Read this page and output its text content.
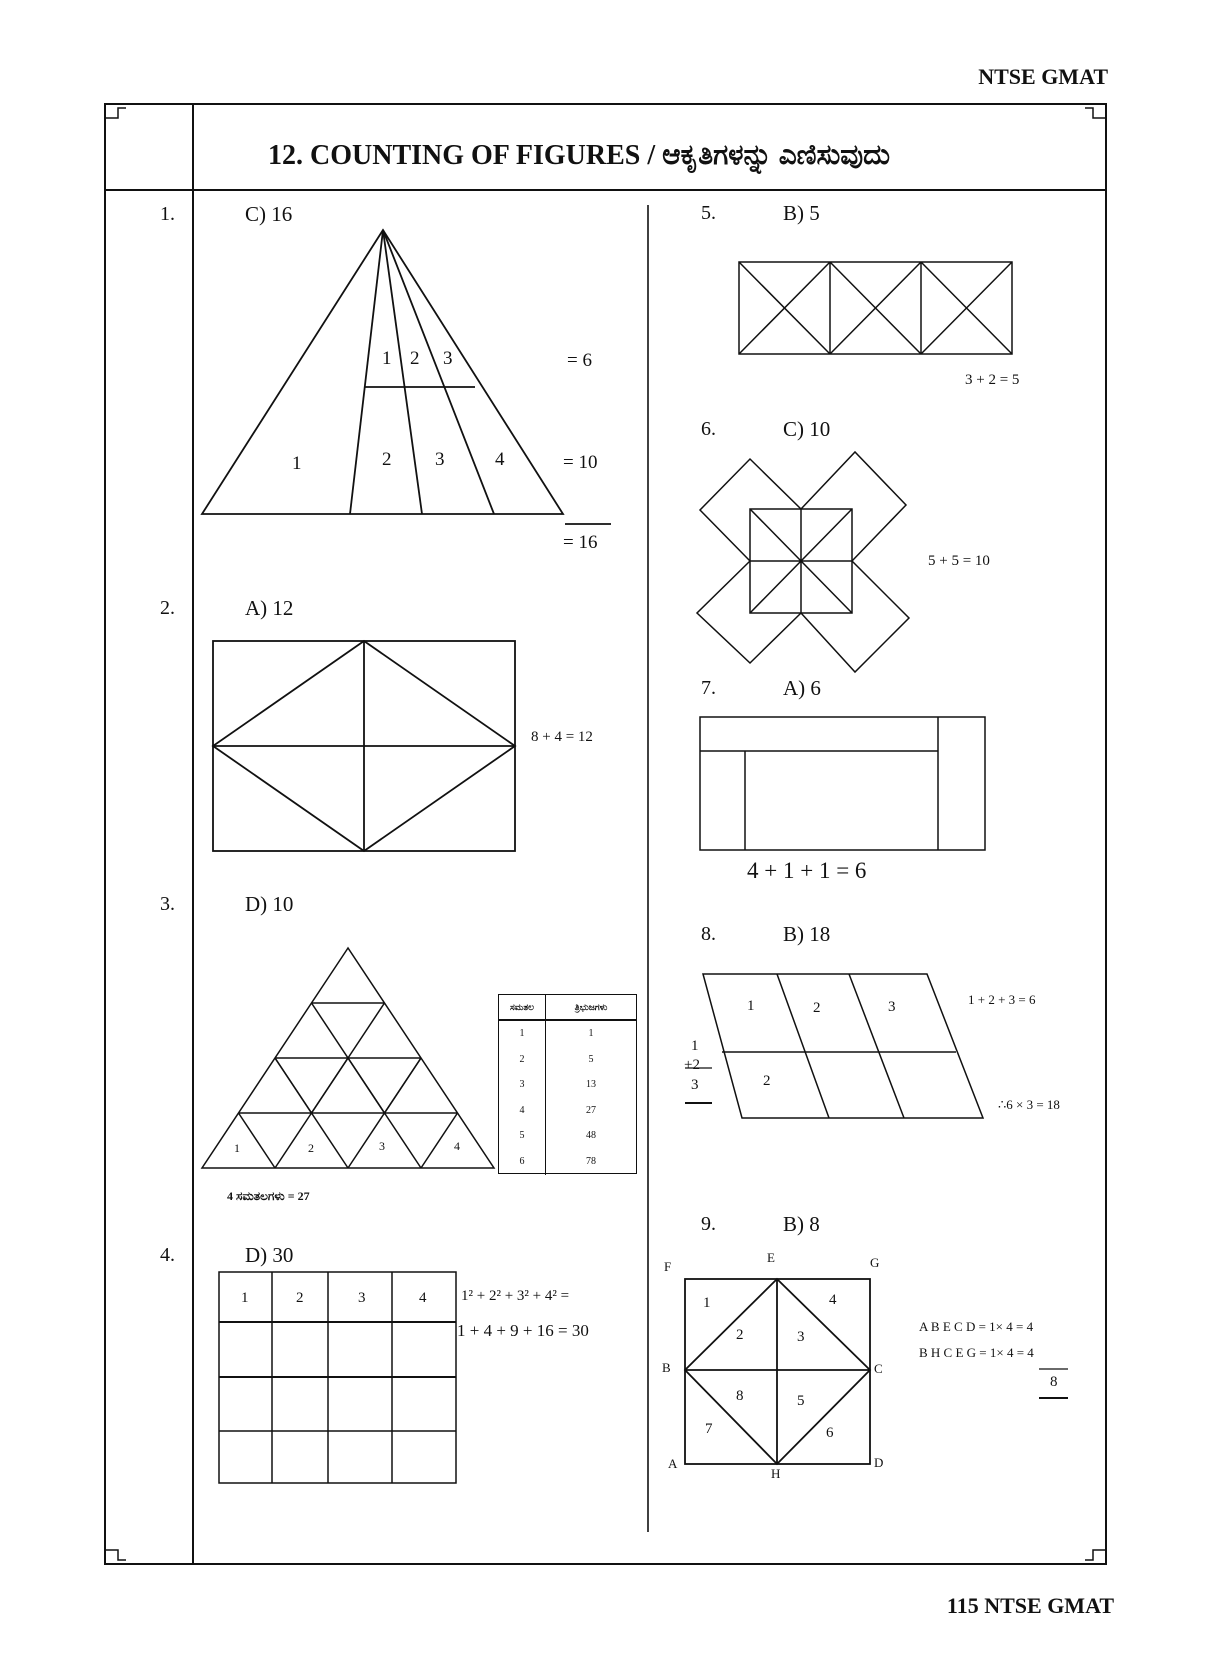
NTSE GMAT
115 NTSE GMAT
12. COUNTING OF FIGURES / ಆಕೃತಿಗಳನ್ನು ಎಣಿಸುವುದು
1.	C) 16
1 2 3
1	2 3	4
= 6
= 10
= 16
2.	A) 12
8 + 4 = 12
3.	D) 10
1	2	3	4
4 ಸಮತಲಗಳು = 27
ಸಮತಲ	ತ್ರಿಭುಜಗಳು
1	1
2	5
3	13
4	27
5	48
6	78
4.	D) 30
1	2	3	4 1² + 2² + 3² + 4² =
1 + 4 + 9 + 16 = 30
5.	B) 5
3 + 2 = 5
6.	C) 10
5 + 5 = 10
7.	A) 6
4 + 1 + 1 = 6
8.	B) 18
1	2	3
2
1 + 2 + 3 = 6
1
+2
3
∴6 × 3 = 18
9.	B) 8
F
E	G
B	C
A
H
D
1
2	3
4
5
6
7
8
A B E C D = 1× 4 = 4
B H C E G = 1× 4 = 4
8
